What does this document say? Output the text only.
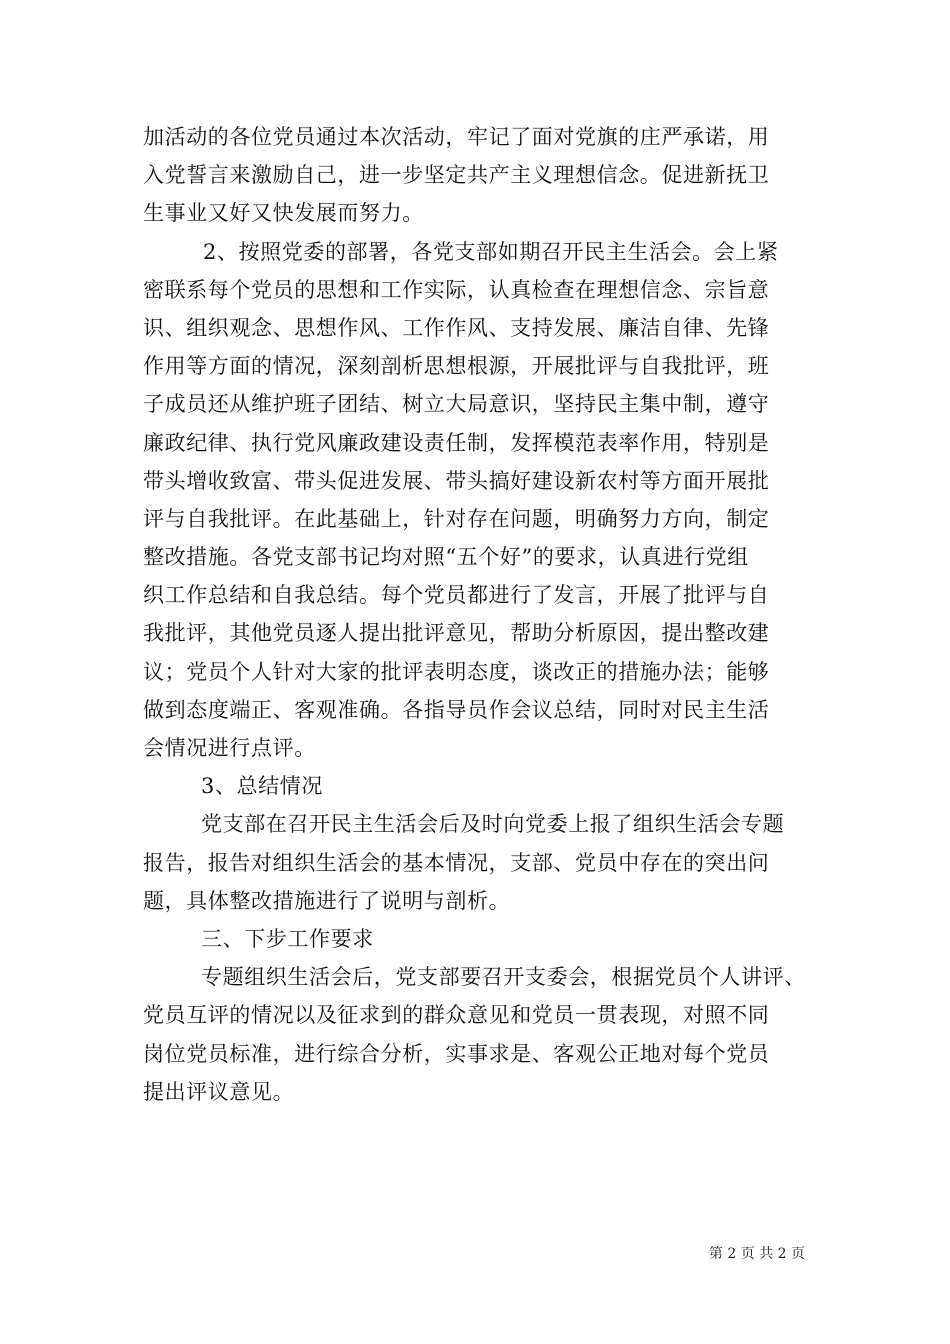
加活动的各位党员通过本次活动，牢记了面对党旗的庄严承诺，用
入党誓言来激励自己，进一步坚定共产主义理想信念。促进新抚卫
生事业又好又快发展而努力。
2、按照党委的部署，各党支部如期召开民主生活会。会上紧
密联系每个党员的思想和工作实际，认真检查在理想信念、宗旨意
识、组织观念、思想作风、工作作风、支持发展、廉洁自律、先锋
作用等方面的情况，深刻剖析思想根源，开展批评与自我批评，班
子成员还从维护班子团结、树立大局意识，坚持民主集中制，遵守
廉政纪律、执行党风廉政建设责任制，发挥模范表率作用，特别是
带头增收致富、带头促进发展、带头搞好建设新农村等方面开展批
评与自我批评。在此基础上，针对存在问题，明确努力方向，制定
整改措施。各党支部书记均对照“五个好”的要求，认真进行党组
织工作总结和自我总结。每个党员都进行了发言，开展了批评与自
我批评，其他党员逐人提出批评意见，帮助分析原因，提出整改建
议；党员个人针对大家的批评表明态度，谈改正的措施办法；能够
做到态度端正、客观准确。各指导员作会议总结，同时对民主生活
会情况进行点评。
3、总结情况
党支部在召开民主生活会后及时向党委上报了组织生活会专题
报告，报告对组织生活会的基本情况，支部、党员中存在的突出问
题，具体整改措施进行了说明与剖析。
三、下步工作要求
专题组织生活会后，党支部要召开支委会，根据党员个人讲评、
党员互评的情况以及征求到的群众意见和党员一贯表现，对照不同
岗位党员标准，进行综合分析，实事求是、客观公正地对每个党员
提出评议意见。
第 2 页 共 2 页
